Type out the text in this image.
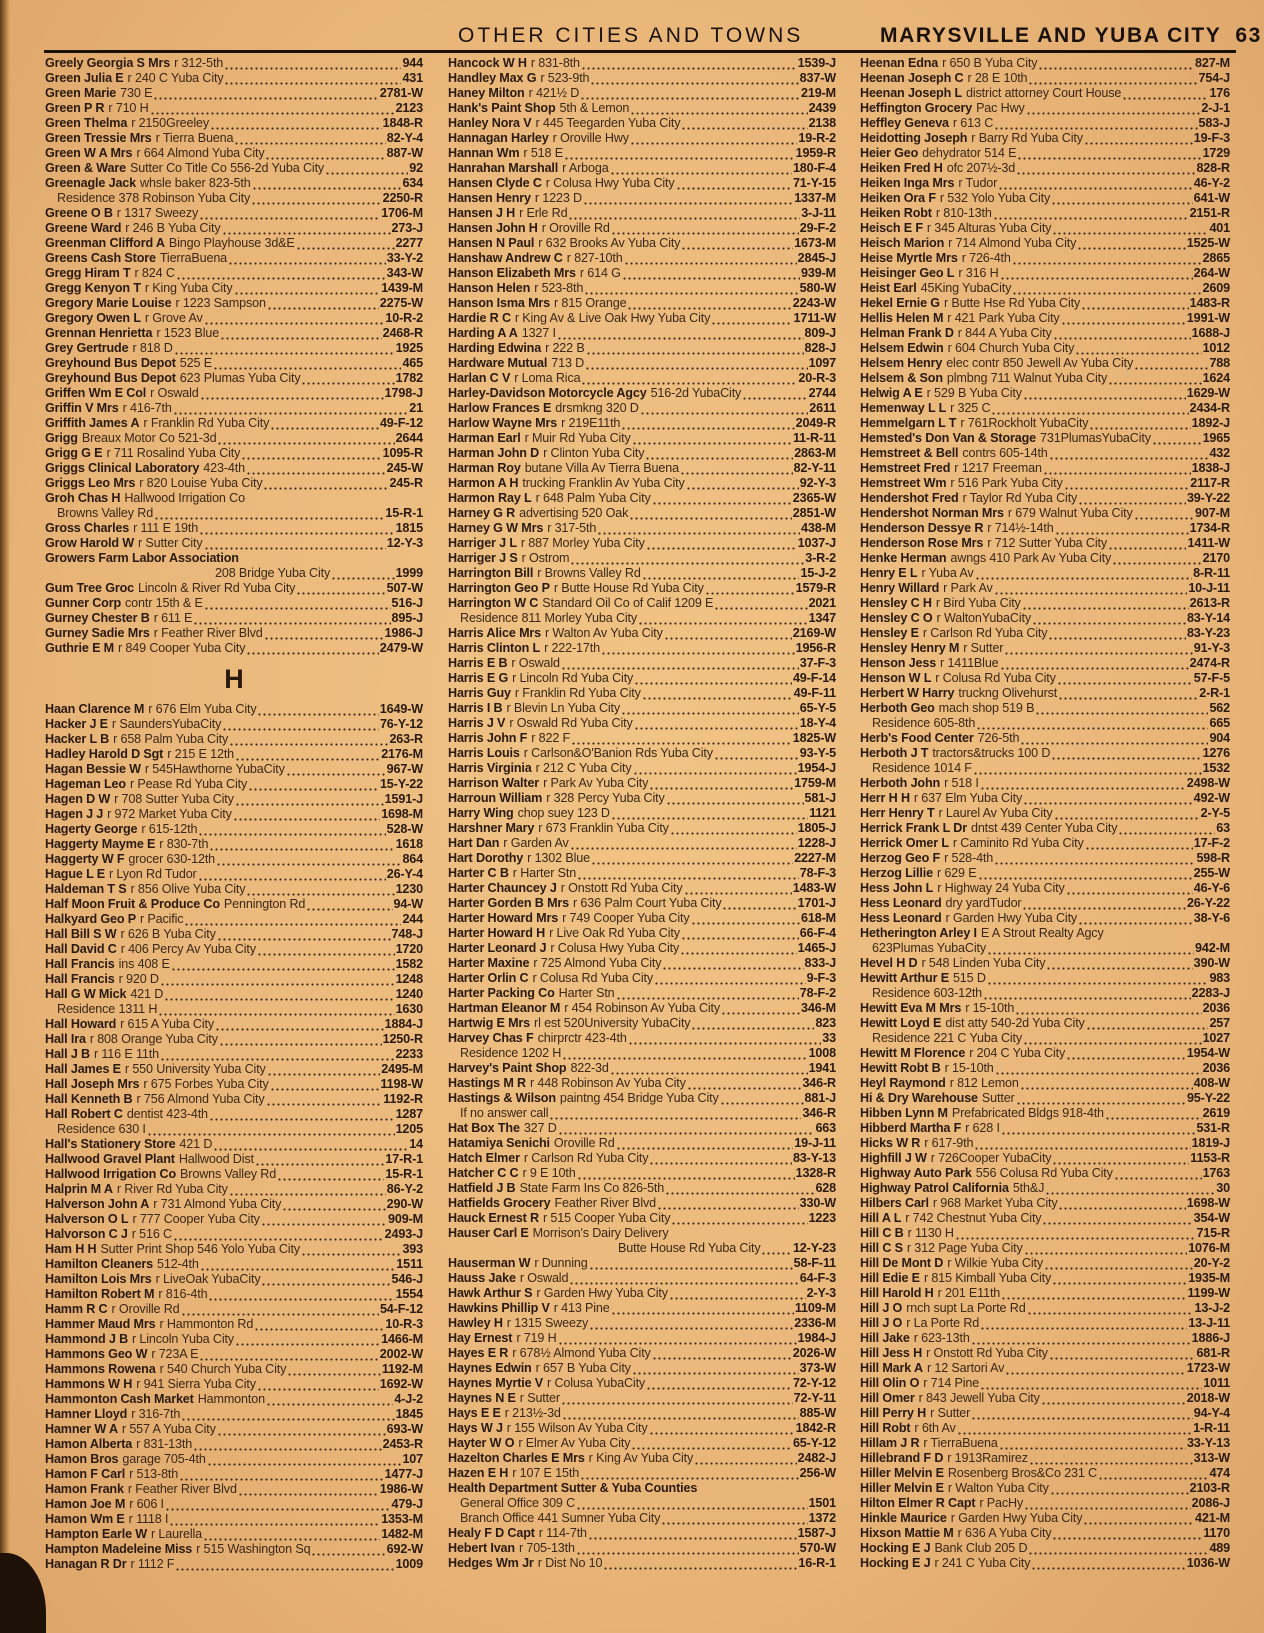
OTHER CITIES AND TOWNS	MARYSVILLE AND YUBA CITY 63
Greely Georgia S Mrs r 312-5th	944
Green Julia E r 240 C Yuba City	431
Green Marie 730 E	2781-W
Green P R r 710 H	2123
Green Thelma r 2150Greeley	1848-R
Green Tressie Mrs r Tierra Buena	82-Y-4
Green W A Mrs r 664 Almond Yuba City	887-W
Green & Ware Sutter Co Title Co 556-2d Yuba City	92
Greenagle Jack whsle baker 823-5th	634
Residence 378 Robinson Yuba City	2250-R
Greene O B r 1317 Sweezy	1706-M
Greene Ward r 246 B Yuba City	273-J
Greenman Clifford A Bingo Playhouse 3d&E	2277
Greens Cash Store TierraBuena	33-Y-2
Gregg Hiram T r 824 C	343-W
Gregg Kenyon T r King Yuba City	1439-M
Gregory Marie Louise r 1223 Sampson	2275-W
Gregory Owen L r Grove Av	10-R-2
Grennan Henrietta r 1523 Blue	2468-R
Grey Gertrude r 818 D	1925
Greyhound Bus Depot 525 E	465
Greyhound Bus Depot 623 Plumas Yuba City	1782
Griffen Wm E Col r Oswald	1798-J
Griffin V Mrs r 416-7th	21
Griffith James A r Franklin Rd Yuba City	49-F-12
Grigg Breaux Motor Co 521-3d	2644
Grigg G E r 711 Rosalind Yuba City	1095-R
Griggs Clinical Laboratory 423-4th	245-W
Griggs Leo Mrs r 820 Louise Yuba City	245-R
Groh Chas H Hallwood Irrigation Co
Browns Valley Rd	15-R-1
Gross Charles r 111 E 19th	1815
Grow Harold W r Sutter City	12-Y-3
Growers Farm Labor Association
208 Bridge Yuba City	1999
Gum Tree Groc Lincoln & River Rd Yuba City	507-W
Gunner Corp contr 15th & E	516-J
Gurney Chester B r 611 E	895-J
Gurney Sadie Mrs r Feather River Blvd	1986-J
Guthrie E M r 849 Cooper Yuba City	2479-W
H
Haan Clarence M r 676 Elm Yuba City	1649-W
Hacker J E r SaundersYubaCity	76-Y-12
Hacker L B r 658 Palm Yuba City	263-R
Hadley Harold D Sgt r 215 E 12th	2176-M
Hagan Bessie W r 545Hawthorne YubaCity	967-W
Hageman Leo r Pease Rd Yuba City	15-Y-22
Hagen D W r 708 Sutter Yuba City	1591-J
Hagen J J r 972 Market Yuba City	1698-M
Hagerty George r 615-12th	528-W
Haggerty Mayme E r 830-7th	1618
Haggerty W F grocer 630-12th	864
Hague L E r Lyon Rd Tudor	26-Y-4
Haldeman T S r 856 Olive Yuba City	1230
Half Moon Fruit & Produce Co Pennington Rd	94-W
Halkyard Geo P r Pacific	244
Hall Bill S W r 626 B Yuba City	748-J
Hall David C r 406 Percy Av Yuba City	1720
Hall Francis ins 408 E	1582
Hall Francis r 920 D	1248
Hall G W Mick 421 D	1240
Residence 1311 H	1630
Hall Howard r 615 A Yuba City	1884-J
Hall Ira r 808 Orange Yuba City	1250-R
Hall J B r 116 E 11th	2233
Hall James E r 550 University Yuba City	2495-M
Hall Joseph Mrs r 675 Forbes Yuba City	1198-W
Hall Kenneth B r 756 Almond Yuba City	1192-R
Hall Robert C dentist 423-4th	1287
Residence 630 I	1205
Hall's Stationery Store 421 D	14
Hallwood Gravel Plant Hallwood Dist	17-R-1
Hallwood Irrigation Co Browns Valley Rd	15-R-1
Halprin M A r River Rd Yuba City	86-Y-2
Halverson John A r 731 Almond Yuba City	290-W
Halverson O L r 777 Cooper Yuba City	909-M
Halvorson C J r 516 C	2493-J
Ham H H Sutter Print Shop 546 Yolo Yuba City	393
Hamilton Cleaners 512-4th	1511
Hamilton Lois Mrs r LiveOak YubaCity	546-J
Hamilton Robert M r 816-4th	1554
Hamm R C r Oroville Rd	54-F-12
Hammer Maud Mrs r Hammonton Rd	10-R-3
Hammond J B r Lincoln Yuba City	1466-M
Hammons Geo W r 723A E	2002-W
Hammons Rowena r 540 Church Yuba City	1192-M
Hammons W H r 941 Sierra Yuba City	1692-W
Hammonton Cash Market Hammonton	4-J-2
Hamner Lloyd r 316-7th	1845
Hamner W A r 557 A Yuba City	693-W
Hamon Alberta r 831-13th	2453-R
Hamon Bros garage 705-4th	107
Hamon F Carl r 513-8th	1477-J
Hamon Frank r Feather River Blvd	1986-W
Hamon Joe M r 606 I	479-J
Hamon Wm E r 1118 I	1353-M
Hampton Earle W r Laurella	1482-M
Hampton Madeleine Miss r 515 Washington Sq	692-W
Hanagan R Dr r 1112 F	1009
Hancock W H r 831-8th	1539-J
Handley Max G r 523-9th	837-W
Haney Milton r 421½ D	219-M
Hank's Paint Shop 5th & Lemon	2439
Hanley Nora V r 445 Teegarden Yuba City	2138
Hannagan Harley r Oroville Hwy	19-R-2
Hannan Wm r 518 E	1959-R
Hanrahan Marshall r Arboga	180-F-4
Hansen Clyde C r Colusa Hwy Yuba City	71-Y-15
Hansen Henry r 1223 D	1337-M
Hansen J H r Erle Rd	3-J-11
Hansen John H r Oroville Rd	29-F-2
Hansen N Paul r 632 Brooks Av Yuba City	1673-M
Hanshaw Andrew C r 827-10th	2845-J
Hanson Elizabeth Mrs r 614 G	939-M
Hanson Helen r 523-8th	580-W
Hanson Isma Mrs r 815 Orange	2243-W
Hardie R C r King Av & Live Oak Hwy Yuba City	1711-W
Harding A A 1327 I	809-J
Harding Edwina r 222 B	828-J
Hardware Mutual 713 D	1097
Harlan C V r Loma Rica	20-R-3
Harley-Davidson Motorcycle Agcy 516-2d YubaCity	2744
Harlow Frances E drsmkng 320 D	2611
Harlow Wayne Mrs r 219E11th	2049-R
Harman Earl r Muir Rd Yuba City	11-R-11
Harman John D r Clinton Yuba City	2863-M
Harman Roy butane Villa Av Tierra Buena	82-Y-11
Harmon A H trucking Franklin Av Yuba City	92-Y-3
Harmon Ray L r 648 Palm Yuba City	2365-W
Harney G R advertising 520 Oak	2851-W
Harney G W Mrs r 317-5th	438-M
Harriger J L r 887 Morley Yuba City	1037-J
Harriger J S r Ostrom	3-R-2
Harrington Bill r Browns Valley Rd	15-J-2
Harrington Geo P r Butte House Rd Yuba City	1579-R
Harrington W C Standard Oil Co of Calif 1209 E	2021
Residence 811 Morley Yuba City	1347
Harris Alice Mrs r Walton Av Yuba City	2169-W
Harris Clinton L r 222-17th	1956-R
Harris E B r Oswald	37-F-3
Harris E G r Lincoln Rd Yuba City	49-F-14
Harris Guy r Franklin Rd Yuba City	49-F-11
Harris I B r Blevin Ln Yuba City	65-Y-5
Harris J V r Oswald Rd Yuba City	18-Y-4
Harris John F r 822 F	1825-W
Harris Louis r Carlson&O'Banion Rds Yuba City	93-Y-5
Harris Virginia r 212 C Yuba City	1954-J
Harrison Walter r Park Av Yuba City	1759-M
Harroun William r 328 Percy Yuba City	581-J
Harry Wing chop suey 123 D	1121
Harshner Mary r 673 Franklin Yuba City	1805-J
Hart Dan r Garden Av	1228-J
Hart Dorothy r 1302 Blue	2227-M
Harter C B r Harter Stn	78-F-3
Harter Chauncey J r Onstott Rd Yuba City	1483-W
Harter Gorden B Mrs r 636 Palm Court Yuba City	1701-J
Harter Howard Mrs r 749 Cooper Yuba City	618-M
Harter Howard H r Live Oak Rd Yuba City	66-F-4
Harter Leonard J r Colusa Hwy Yuba City	1465-J
Harter Maxine r 725 Almond Yuba City	833-J
Harter Orlin C r Colusa Rd Yuba City	9-F-3
Harter Packing Co Harter Stn	78-F-2
Hartman Eleanor M r 454 Robinson Av Yuba City	346-M
Hartwig E Mrs rl est 520University YubaCity	823
Harvey Chas F chirprctr 423-4th	33
Residence 1202 H	1008
Harvey's Paint Shop 822-3d	1941
Hastings M R r 448 Robinson Av Yuba City	346-R
Hastings & Wilson paintng 454 Bridge Yuba City	881-J
If no answer call	346-R
Hat Box The 327 D	663
Hatamiya Senichi Oroville Rd	19-J-11
Hatch Elmer r Carlson Rd Yuba City	83-Y-13
Hatcher C C r 9 E 10th	1328-R
Hatfield J B State Farm Ins Co 826-5th	628
Hatfields Grocery Feather River Blvd	330-W
Hauck Ernest R r 515 Cooper Yuba City	1223
Hauser Carl E Morrison's Dairy Delivery
Butte House Rd Yuba City	12-Y-23
Hauserman W r Dunning	58-F-11
Hauss Jake r Oswald	64-F-3
Hawk Arthur S r Garden Hwy Yuba City	2-Y-3
Hawkins Phillip V r 413 Pine	1109-M
Hawley H r 1315 Sweezy	2336-M
Hay Ernest r 719 H	1984-J
Hayes E R r 678½ Almond Yuba City	2026-W
Haynes Edwin r 657 B Yuba City	373-W
Haynes Myrtie V r Colusa YubaCity	72-Y-12
Haynes N E r Sutter	72-Y-11
Hays E E r 213½-3d	885-W
Hays W J r 155 Wilson Av Yuba City	1842-R
Hayter W O r Elmer Av Yuba City	65-Y-12
Hazelton Charles E Mrs r King Av Yuba City	2482-J
Hazen E H r 107 E 15th	256-W
Health Department Sutter & Yuba Counties
General Office 309 C	1501
Branch Office 441 Sumner Yuba City	1372
Healy F D Capt r 114-7th	1587-J
Hebert Ivan r 705-13th	570-W
Hedges Wm Jr r Dist No 10	16-R-1
Heenan Edna r 650 B Yuba City	827-M
Heenan Joseph C r 28 E 10th	754-J
Heenan Joseph L district attorney Court House	176
Heffington Grocery Pac Hwy	2-J-1
Heffley Geneva r 613 C	583-J
Heidotting Joseph r Barry Rd Yuba City	19-F-3
Heier Geo dehydrator 514 E	1729
Heiken Fred H ofc 207½-3d	828-R
Heiken Inga Mrs r Tudor	46-Y-2
Heiken Ora F r 532 Yolo Yuba City	641-W
Heiken Robt r 810-13th	2151-R
Heisch E F r 345 Alturas Yuba City	401
Heisch Marion r 714 Almond Yuba City	1525-W
Heise Myrtle Mrs r 726-4th	2865
Heisinger Geo L r 316 H	264-W
Heist Earl 45King YubaCity	2609
Hekel Ernie G r Butte Hse Rd Yuba City	1483-R
Hellis Helen M r 421 Park Yuba City	1991-W
Helman Frank D r 844 A Yuba City	1688-J
Helsem Edwin r 604 Church Yuba City	1012
Helsem Henry elec contr 850 Jewell Av Yuba City	788
Helsem & Son plmbng 711 Walnut Yuba City	1624
Helwig A E r 529 B Yuba City	1629-W
Hemenway L L r 325 C	2434-R
Hemmelgarn L T r 761Rockholt YubaCity	1892-J
Hemsted's Don Van & Storage 731PlumasYubaCity	1965
Hemstreet & Bell contrs 605-14th	432
Hemstreet Fred r 1217 Freeman	1838-J
Hemstreet Wm r 516 Park Yuba City	2117-R
Hendershot Fred r Taylor Rd Yuba City	39-Y-22
Hendershot Norman Mrs r 679 Walnut Yuba City	907-M
Henderson Dessye R r 714½-14th	1734-R
Henderson Rose Mrs r 712 Sutter Yuba City	1411-W
Henke Herman awngs 410 Park Av Yuba City	2170
Henry E L r Yuba Av	8-R-11
Henry Willard r Park Av	10-J-11
Hensley C H r Bird Yuba City	2613-R
Hensley C O r WaltonYubaCity	83-Y-14
Hensley E r Carlson Rd Yuba City	83-Y-23
Hensley Henry M r Sutter	91-Y-3
Henson Jess r 1411Blue	2474-R
Henson W L r Colusa Rd Yuba City	57-F-5
Herbert W Harry truckng Olivehurst	2-R-1
Herboth Geo mach shop 519 B	562
Residence 605-8th	665
Herb's Food Center 726-5th	904
Herboth J T tractors&trucks 100 D	1276
Residence 1014 F	1532
Herboth John r 518 I	2498-W
Herr H H r 637 Elm Yuba City	492-W
Herr Henry T r Laurel Av Yuba City	2-Y-5
Herrick Frank L Dr dntst 439 Center Yuba City	63
Herrick Omer L r Caminito Rd Yuba City	17-F-2
Herzog Geo F r 528-4th	598-R
Herzog Lillie r 629 E	255-W
Hess John L r Highway 24 Yuba City	46-Y-6
Hess Leonard dry yardTudor	26-Y-22
Hess Leonard r Garden Hwy Yuba City	38-Y-6
Hetherington Arley I E A Strout Realty Agcy
623Plumas YubaCity	942-M
Hevel H D r 548 Linden Yuba City	390-W
Hewitt Arthur E 515 D	983
Residence 603-12th	2283-J
Hewitt Eva M Mrs r 15-10th	2036
Hewitt Loyd E dist atty 540-2d Yuba City	257
Residence 221 C Yuba City	1027
Hewitt M Florence r 204 C Yuba City	1954-W
Hewitt Robt B r 15-10th	2036
Heyl Raymond r 812 Lemon	408-W
Hi & Dry Warehouse Sutter	95-Y-22
Hibben Lynn M Prefabricated Bldgs 918-4th	2619
Hibberd Martha F r 628 I	531-R
Hicks W R r 617-9th	1819-J
Highfill J W r 726Cooper YubaCity	1153-R
Highway Auto Park 556 Colusa Rd Yuba City	1763
Highway Patrol California 5th&J	30
Hilbers Carl r 968 Market Yuba City	1698-W
Hill A L r 742 Chestnut Yuba City	354-W
Hill C B r 1130 H	715-R
Hill C S r 312 Page Yuba City	1076-M
Hill De Mont D r Wilkie Yuba City	20-Y-2
Hill Edie E r 815 Kimball Yuba City	1935-M
Hill Harold H r 201 E11th	1199-W
Hill J O rnch supt La Porte Rd	13-J-2
Hill J O r La Porte Rd	13-J-11
Hill Jake r 623-13th	1886-J
Hill Jess H r Onstott Rd Yuba City	681-R
Hill Mark A r 12 Sartori Av	1723-W
Hill Olin O r 714 Pine	1011
Hill Omer r 843 Jewell Yuba City	2018-W
Hill Perry H r Sutter	94-Y-4
Hill Robt r 6th Av	1-R-11
Hillam J R r TierraBuena	33-Y-13
Hillebrand F D r 1913Ramirez	313-W
Hiller Melvin E Rosenberg Bros&Co 231 C	474
Hiller Melvin E r Walton Yuba City	2103-R
Hilton Elmer R Capt r PacHy	2086-J
Hinkle Maurice r Garden Hwy Yuba City	421-M
Hixson Mattie M r 636 A Yuba City	1170
Hocking E J Bank Club 205 D	489
Hocking E J r 241 C Yuba City	1036-W
